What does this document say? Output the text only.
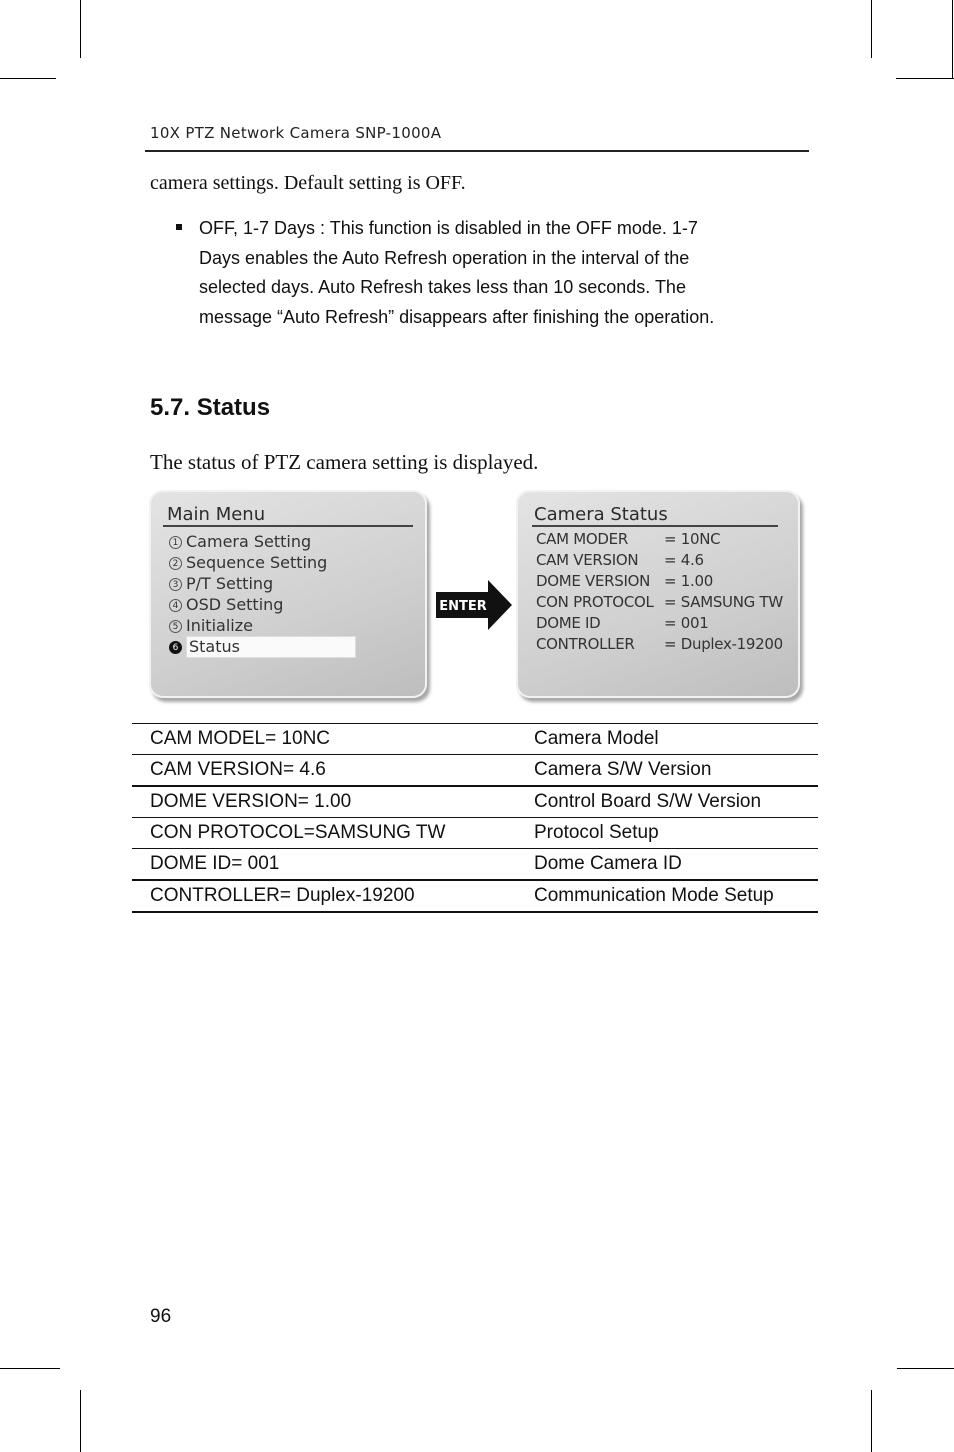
10X PTZ Network Camera SNP-1000A
camera settings. Default setting is OFF.
OFF, 1-7 Days : This function is disabled in the OFF mode. 1-7
Days enables the Auto Refresh operation in the interval of the
selected days. Auto Refresh takes less than 10 seconds. The
message “Auto Refresh” disappears after finishing the operation.
5.7. Status
The status of PTZ camera setting is displayed.
Main Menu
1 Camera Setting
2 Sequence Setting
3 P/T Setting
4 OSD Setting
5 Initialize
6 Status
ENTER
Camera Status
CAM MODER = 10NC
CAM VERSION = 4.6
DOME VERSION = 1.00
CON PROTOCOL = SAMSUNG TW
DOME ID	= 001
CONTROLLER = Duplex-19200
CAM MODEL= 10NC	Camera Model
CAM VERSION= 4.6	Camera S/W Version
DOME VERSION= 1.00	Control Board S/W Version
CON PROTOCOL=SAMSUNG TW	Protocol Setup
DOME ID= 001	Dome Camera ID
CONTROLLER= Duplex-19200	Communication Mode Setup
96
